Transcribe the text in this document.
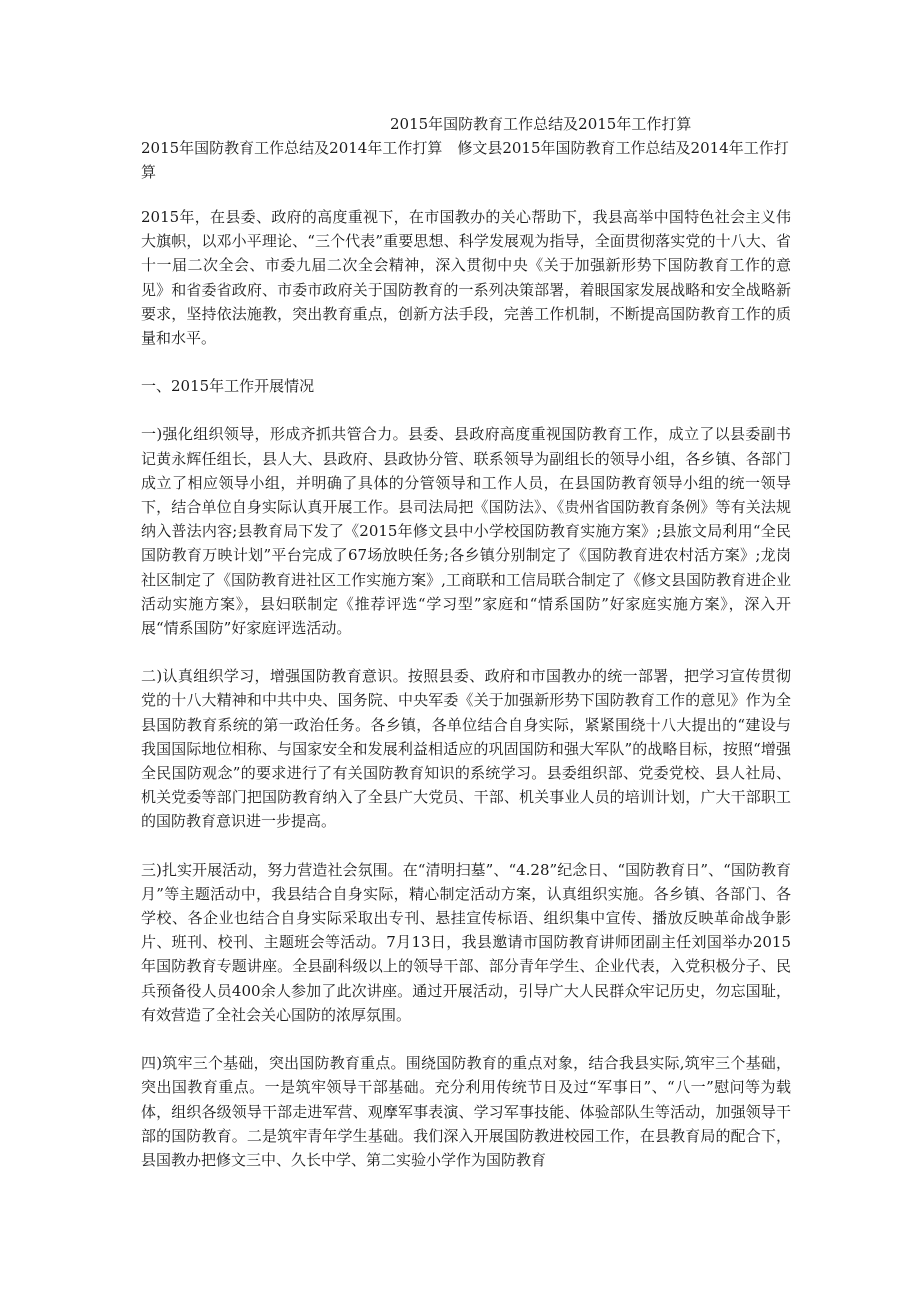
2015年国防教育工作总结及2015年工作打算
2015年国防教育工作总结及2014年工作打算　修文县2015年国防教育工作总结及2014年工作打算

2015年，在县委、政府的高度重视下，在市国教办的关心帮助下，我县高举中国特色社会主义伟大旗帜，以邓小平理论、“三个代表”重要思想、科学发展观为指导，全面贯彻落实党的十八大、省十一届二次全会、市委九届二次全会精神，深入贯彻中央《关于加强新形势下国防教育工作的意见》和省委省政府、市委市政府关于国防教育的一系列决策部署，着眼国家发展战略和安全战略新要求，坚持依法施教，突出教育重点，创新方法手段，完善工作机制，不断提高国防教育工作的质量和水平。

一、2015年工作开展情况

一)强化组织领导，形成齐抓共管合力。县委、县政府高度重视国防教育工作，成立了以县委副书记黄永辉任组长，县人大、县政府、县政协分管、联系领导为副组长的领导小组，各乡镇、各部门成立了相应领导小组，并明确了具体的分管领导和工作人员，在县国防教育领导小组的统一领导下，结合单位自身实际认真开展工作。县司法局把《国防法》、《贵州省国防教育条例》等有关法规纳入普法内容;县教育局下发了《2015年修文县中小学校国防教育实施方案》;县旅文局利用“全民国防教育万映计划”平台完成了67场放映任务;各乡镇分别制定了《国防教育进农村活方案》;龙岗社区制定了《国防教育进社区工作实施方案》,工商联和工信局联合制定了《修文县国防教育进企业活动实施方案》，县妇联制定《推荐评选“学习型”家庭和“情系国防”好家庭实施方案》，深入开展“情系国防”好家庭评选活动。

二)认真组织学习，增强国防教育意识。按照县委、政府和市国教办的统一部署，把学习宣传贯彻党的十八大精神和中共中央、国务院、中央军委《关于加强新形势下国防教育工作的意见》作为全县国防教育系统的第一政治任务。各乡镇，各单位结合自身实际，紧紧围绕十八大提出的“建设与我国国际地位相称、与国家安全和发展利益相适应的巩固国防和强大军队”的战略目标，按照“增强全民国防观念”的要求进行了有关国防教育知识的系统学习。县委组织部、党委党校、县人社局、机关党委等部门把国防教育纳入了全县广大党员、干部、机关事业人员的培训计划，广大干部职工的国防教育意识进一步提高。

三)扎实开展活动，努力营造社会氛围。在“清明扫墓”、“4.28”纪念日、“国防教育日”、“国防教育月”等主题活动中，我县结合自身实际，精心制定活动方案，认真组织实施。各乡镇、各部门、各学校、各企业也结合自身实际采取出专刊、悬挂宣传标语、组织集中宣传、播放反映革命战争影片、班刊、校刊、主题班会等活动。7月13日，我县邀请市国防教育讲师团副主任刘国举办2015年国防教育专题讲座。全县副科级以上的领导干部、部分青年学生、企业代表，入党积极分子、民兵预备役人员400余人参加了此次讲座。通过开展活动，引导广大人民群众牢记历史，勿忘国耻，有效营造了全社会关心国防的浓厚氛围。

四)筑牢三个基础，突出国防教育重点。围绕国防教育的重点对象，结合我县实际,筑牢三个基础，突出国教育重点。一是筑牢领导干部基础。充分利用传统节日及过“军事日”、“八一”慰问等为载体，组织各级领导干部走进军营、观摩军事表演、学习军事技能、体验部队生等活动，加强领导干部的国防教育。二是筑牢青年学生基础。我们深入开展国防教进校园工作，在县教育局的配合下，县国教办把修文三中、久长中学、第二实验小学作为国防教育
